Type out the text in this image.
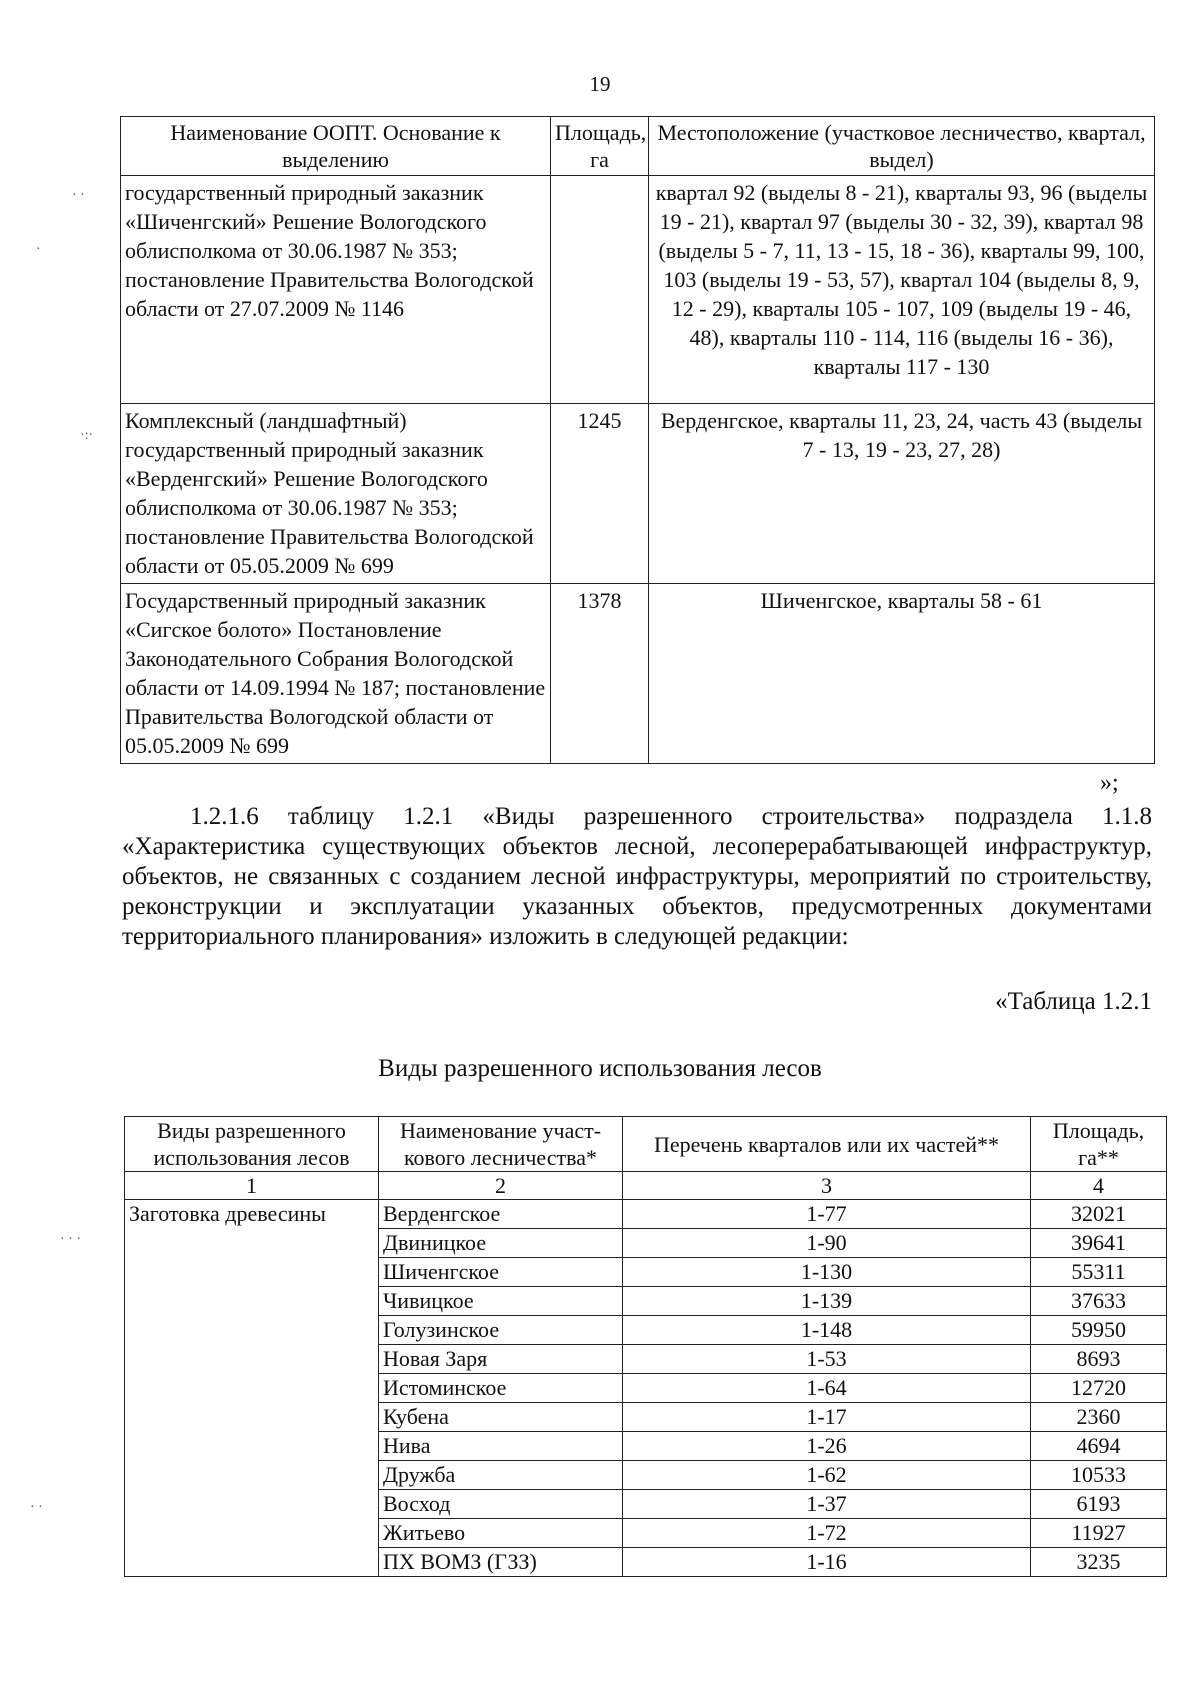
19
· ·
·
·:·
· · ·
· ·
Наименование ООПТ. Основание к выделению	Площадь, га	Местоположение (участковое лесничество, квартал, выдел)
государственный природный заказник «Шиченгский» Решение Вологодского облисполкома от 30.06.1987 № 353; постановление Правительства Вологодской области от 27.07.2009 № 1146		квартал 92 (выделы 8 - 21), кварталы 93, 96 (выделы 19 - 21), квартал 97 (выделы 30 - 32, 39), квартал 98 (выделы 5 - 7, 11, 13 - 15, 18 - 36), кварталы 99, 100, 103 (выделы 19 - 53, 57), квартал 104 (выделы 8, 9, 12 - 29), кварталы 105 - 107, 109 (выделы 19 - 46, 48), кварталы 110 - 114, 116 (выделы 16 - 36), кварталы 117 - 130
Комплексный (ландшафтный) государственный природный заказник «Верденгский» Решение Вологодского облисполкома от 30.06.1987 № 353; постановление Правительства Вологодской области от 05.05.2009 № 699	1245	Верденгское, кварталы 11, 23, 24, часть 43 (выделы 7 - 13, 19 - 23, 27, 28)
Государственный природный заказник «Сигское болото» Постановление Законодательного Собрания Вологодской области от 14.09.1994 № 187; постановление Правительства Вологодской области от 05.05.2009 № 699	1378	Шиченгское, кварталы 58 - 61
»;

1.2.1.6 таблицу 1.2.1 «Виды разрешенного строительства» подраздела 1.1.8 «Характеристика существующих объектов лесной, лесоперерабатывающей инфраструктур, объектов, не связанных с созданием лесной инфраструктуры, мероприятий по строительству, реконструкции и эксплуатации указанных объектов, предусмотренных документами территориального планирования» изложить в следующей редакции:

«Таблица 1.2.1
Виды разрешенного использования лесов
Виды разрешенного использования лесов	Наименование участ-кового лесничества*	Перечень кварталов или их частей**	Площадь, га**
1	2	3	4
Заготовка древесины	Верденгское	1-77	32021
	Двиницкое	1-90	39641
	Шиченгское	1-130	55311
	Чивицкое	1-139	37633
	Голузинское	1-148	59950
	Новая Заря	1-53	8693
	Истоминское	1-64	12720
	Кубена	1-17	2360
	Нива	1-26	4694
	Дружба	1-62	10533
	Восход	1-37	6193
	Житьево	1-72	11927
	ПХ ВОМЗ (ГЗЗ)	1-16	3235
